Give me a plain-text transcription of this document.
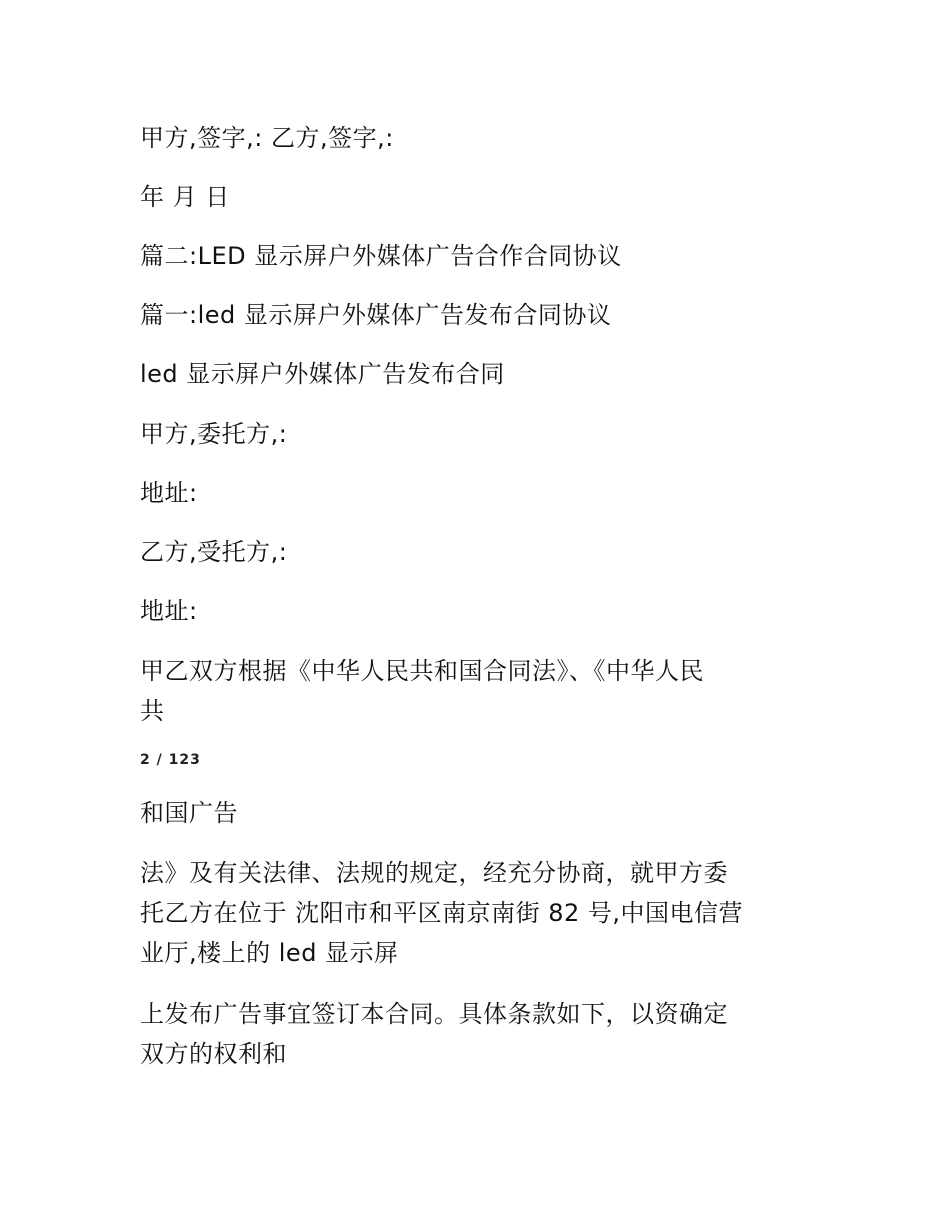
甲方,签字,: 乙方,签字,:
年 月 日
篇二:LED 显示屏户外媒体广告合作合同协议
篇一:led 显示屏户外媒体广告发布合同协议
led 显示屏户外媒体广告发布合同
甲方,委托方,:
地址:
乙方,受托方,:
地址:
甲乙双方根据《中华人民共和国合同法》、《中华人民
共
2 / 123
和国广告
法》及有关法律、法规的规定，经充分协商，就甲方委
托乙方在位于 沈阳市和平区南京南街 82 号,中国电信营
业厅,楼上的 led 显示屏
上发布广告事宜签订本合同。具体条款如下，以资确定
双方的权利和
